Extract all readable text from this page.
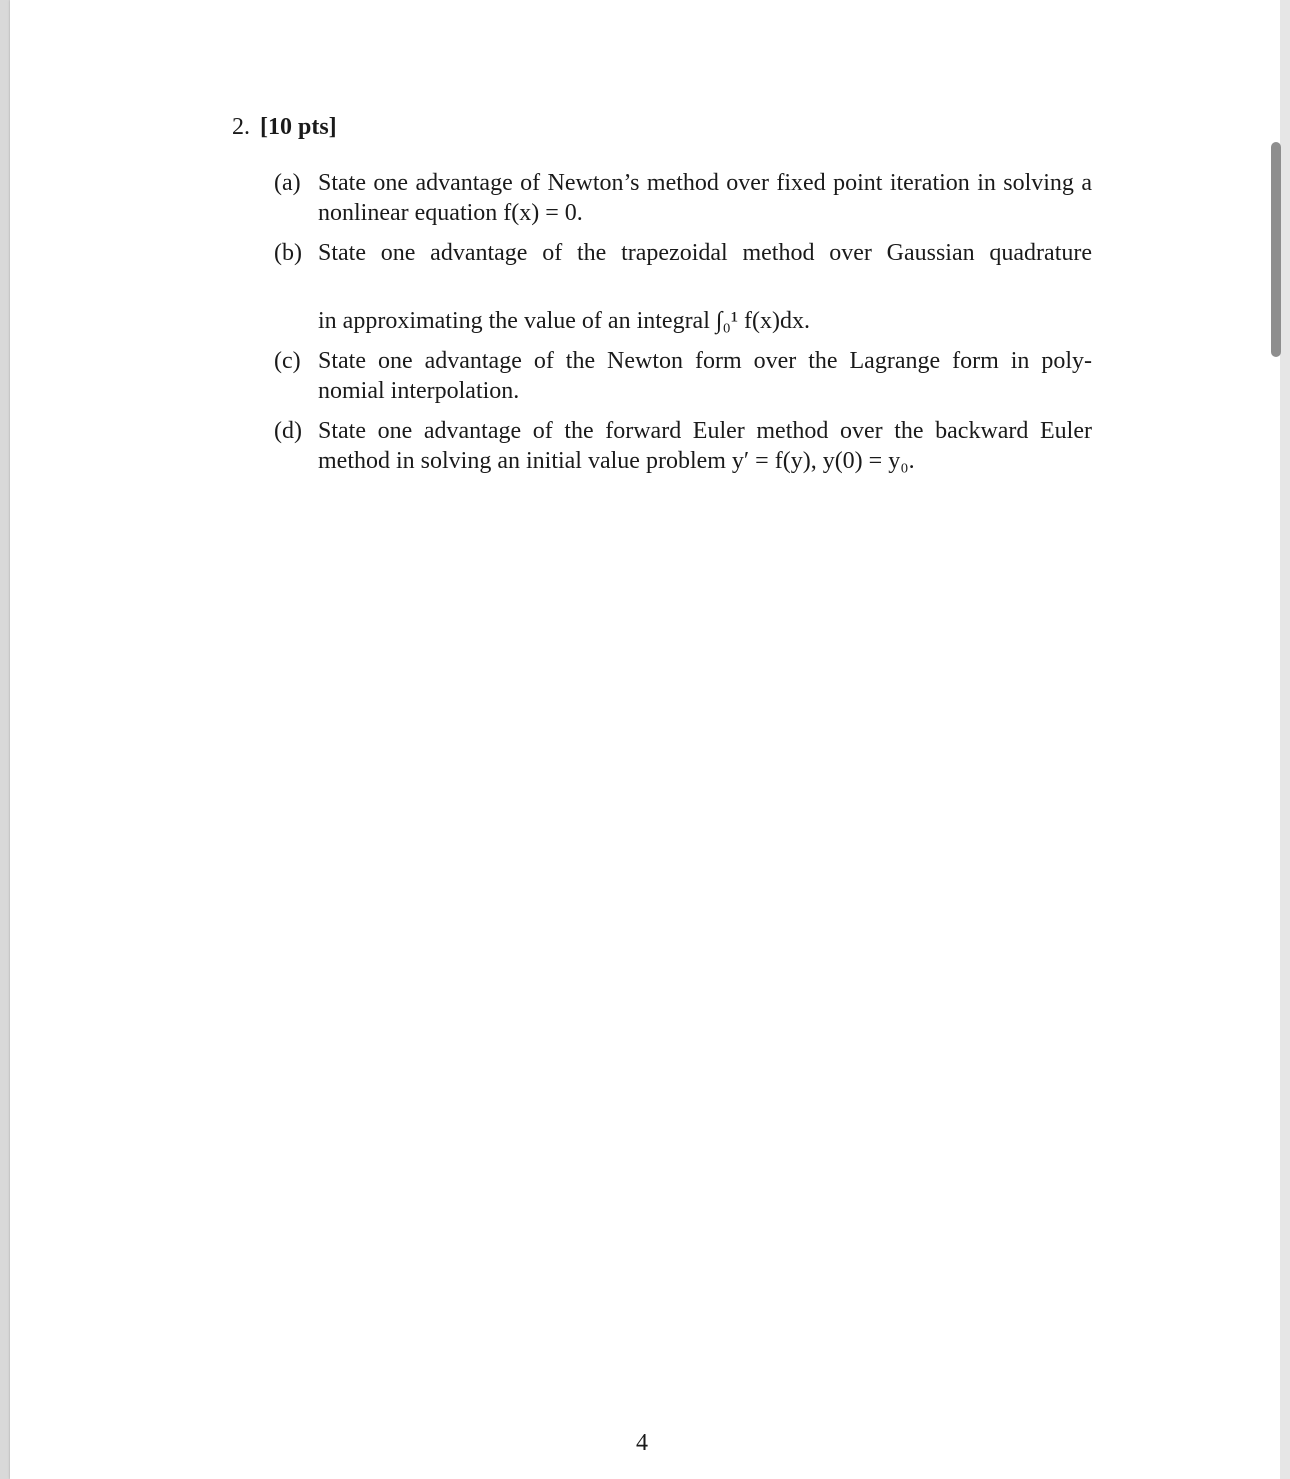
2. [10 pts]
(a) State one advantage of Newton’s method over fixed point iteration in solving a nonlinear equation f(x) = 0.
(b) State one advantage of the trapezoidal method over Gaussian quadrature
in approximating the value of an integral ∫₀¹ f(x)dx.
(c) State one advantage of the Newton form over the Lagrange form in poly- nomial interpolation.
(d) State one advantage of the forward Euler method over the backward Euler method in solving an initial value problem y′ = f(y), y(0) = y₀.
4
